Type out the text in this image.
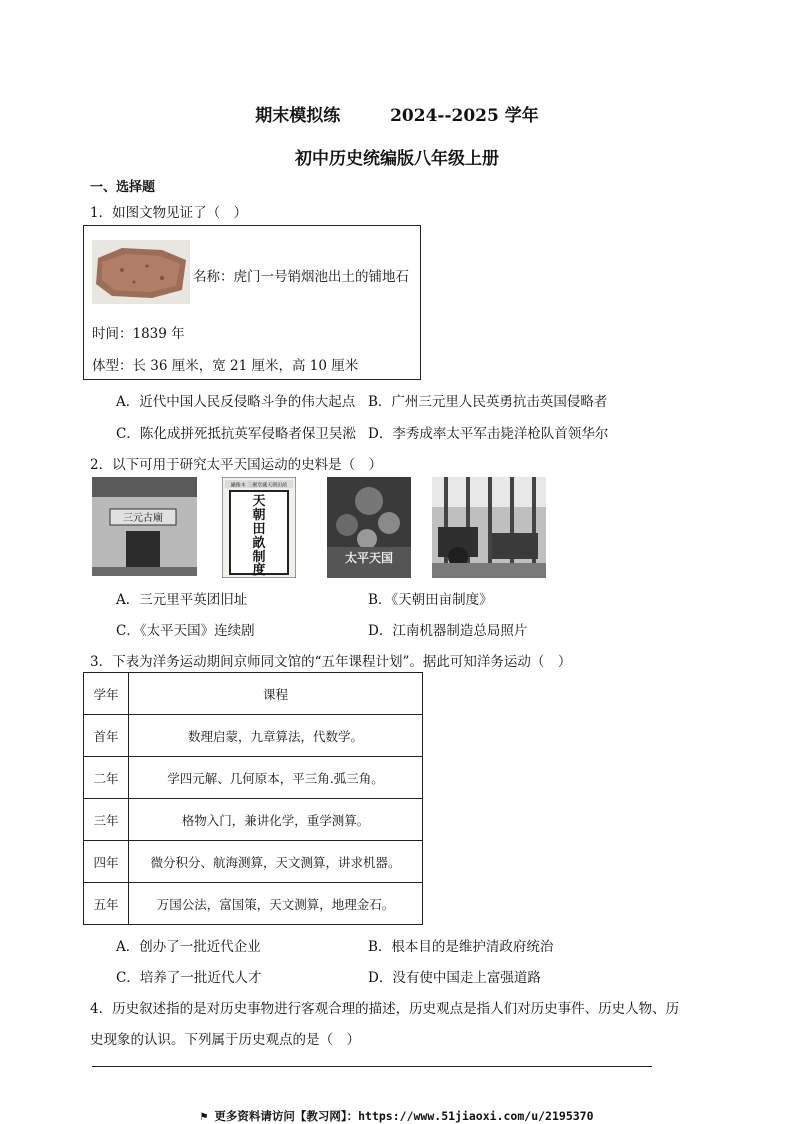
期末模拟练	2024--2025 学年
初中历史统编版八年级上册
一、选择题
1．如图文物见证了（　）
名称：虎门一号销烟池出土的铺地石
时间：1839 年
体型：长 36 厘米，宽 21 厘米，高 10 厘米
A．近代中国人民反侵略斗争的伟大起点 B．广州三元里人民英勇抗击英国侵略者
C．陈化成拼死抵抗英军侵略者保卫吴淞 D．李秀成率太平军击毙洋枪队首领华尔
2．以下可用于研究太平天国运动的史料是（　）
三元古廟
繡像本 三聚堂藏天朝田畝
天
朝
田
畝
制
度
太平天国
A．三元里平英团旧址	B．《天朝田亩制度》
C．《太平天国》连续剧	D．江南机器制造总局照片
3．下表为洋务运动期间京师同文馆的“五年课程计划”。据此可知洋务运动（　）
学年	课程
首年	数理启蒙，九章算法，代数学。
二年	学四元解、几何原本，平三角.弧三角。
三年	格物入门，兼讲化学，重学测算。
四年	微分积分、航海测算，天文测算，讲求机器。
五年	万国公法，富国策，天文测算，地理金石。
A．创办了一批近代企业	B．根本目的是维护清政府统治
C．培养了一批近代人才	D．没有使中国走上富强道路
4．历史叙述指的是对历史事物进行客观合理的描述，历史观点是指人们对历史事件、历史人物、历
史现象的认识。下列属于历史观点的是（　）
⚑ 更多资料请访问【教习网】：https://www.51jiaoxi.com/u/2195370
